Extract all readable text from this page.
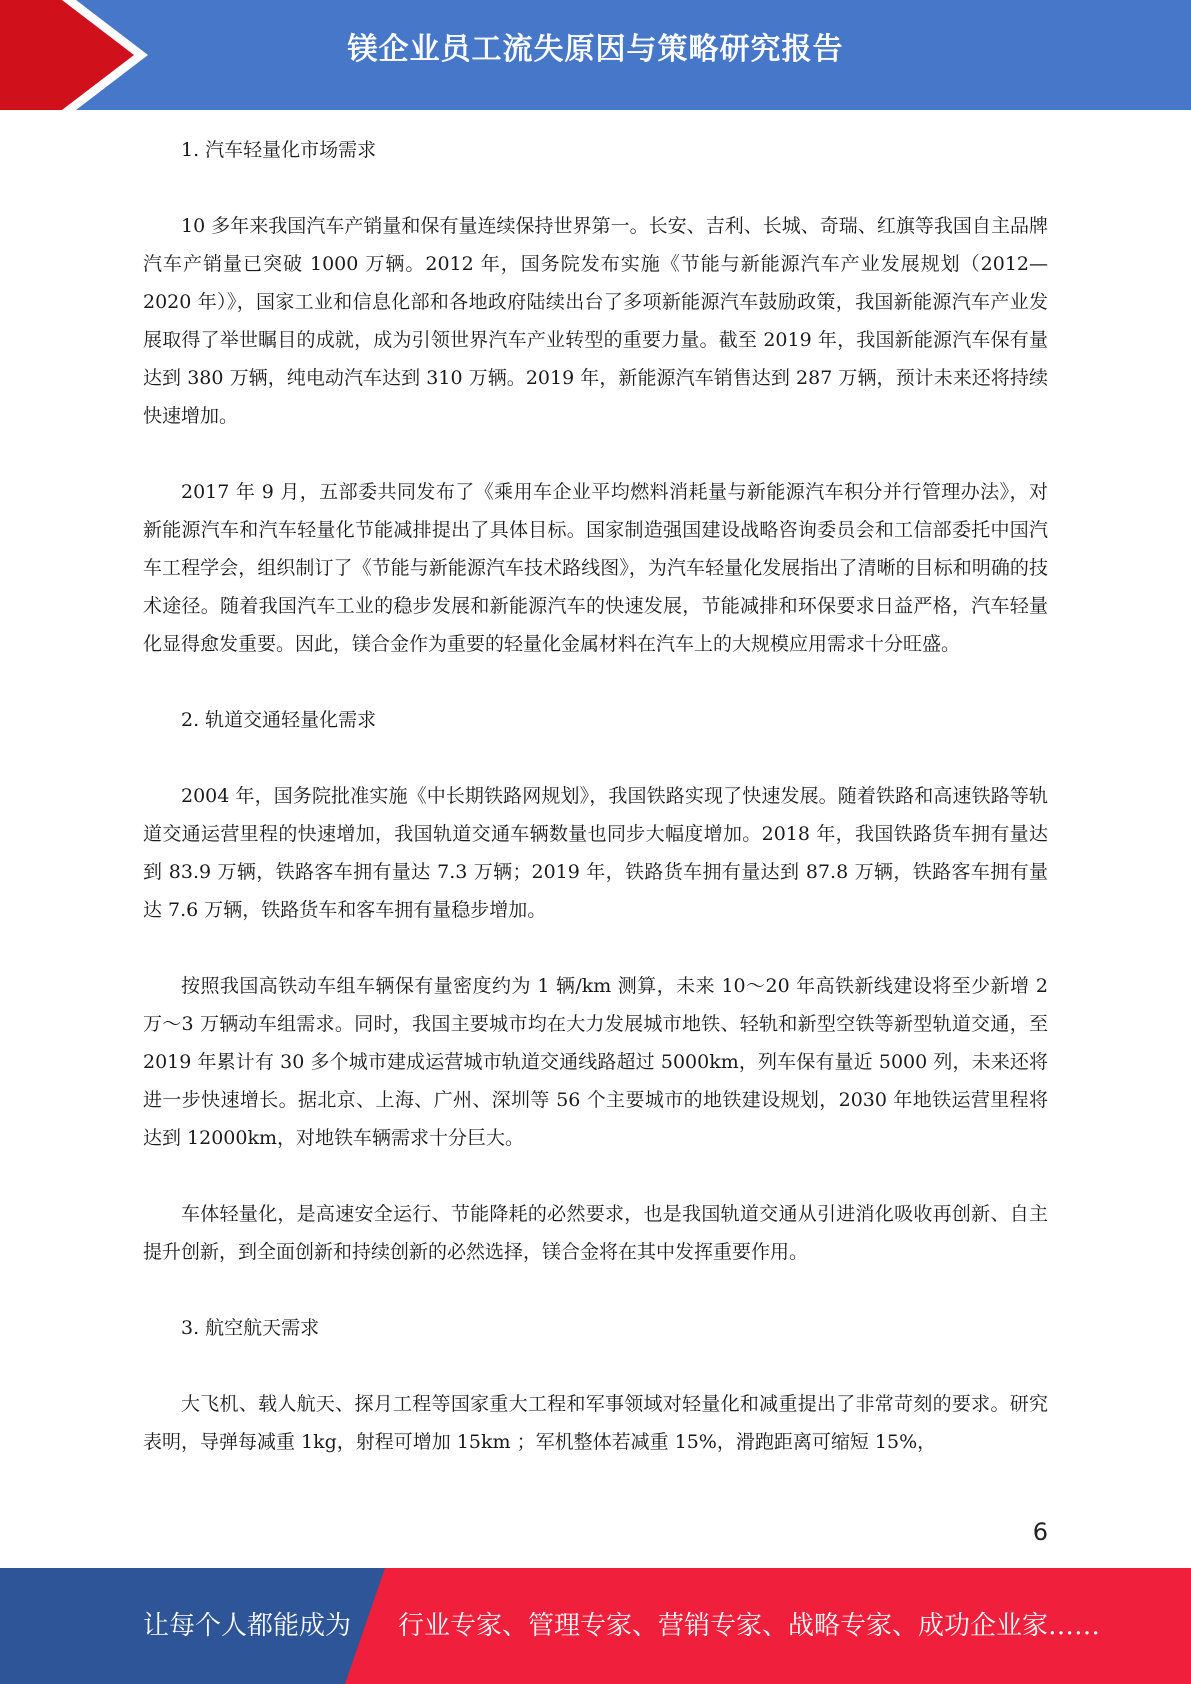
镁企业员工流失原因与策略研究报告

1. 汽车轻量化市场需求

10 多年来我国汽车产销量和保有量连续保持世界第一。长安、吉利、长城、奇瑞、红旗等我国自主品牌汽车产销量已突破 1000 万辆。2012 年，国务院发布实施《节能与新能源汽车产业发展规划（2012—2020 年）》，国家工业和信息化部和各地政府陆续出台了多项新能源汽车鼓励政策，我国新能源汽车产业发展取得了举世瞩目的成就，成为引领世界汽车产业转型的重要力量。截至 2019 年，我国新能源汽车保有量达到 380 万辆，纯电动汽车达到 310 万辆。2019 年，新能源汽车销售达到 287 万辆，预计未来还将持续快速增加。

2017 年 9 月，五部委共同发布了《乘用车企业平均燃料消耗量与新能源汽车积分并行管理办法》，对新能源汽车和汽车轻量化节能减排提出了具体目标。国家制造强国建设战略咨询委员会和工信部委托中国汽车工程学会，组织制订了《节能与新能源汽车技术路线图》，为汽车轻量化发展指出了清晰的目标和明确的技术途径。随着我国汽车工业的稳步发展和新能源汽车的快速发展，节能减排和环保要求日益严格，汽车轻量化显得愈发重要。因此，镁合金作为重要的轻量化金属材料在汽车上的大规模应用需求十分旺盛。

2. 轨道交通轻量化需求

2004 年，国务院批准实施《中长期铁路网规划》，我国铁路实现了快速发展。随着铁路和高速铁路等轨道交通运营里程的快速增加，我国轨道交通车辆数量也同步大幅度增加。2018 年，我国铁路货车拥有量达到 83.9 万辆，铁路客车拥有量达 7.3 万辆；2019 年，铁路货车拥有量达到 87.8 万辆，铁路客车拥有量达 7.6 万辆，铁路货车和客车拥有量稳步增加。

按照我国高铁动车组车辆保有量密度约为 1 辆/km 测算，未来 10～20 年高铁新线建设将至少新增 2 万～3 万辆动车组需求。同时，我国主要城市均在大力发展城市地铁、轻轨和新型空铁等新型轨道交通，至 2019 年累计有 30 多个城市建成运营城市轨道交通线路超过 5000km，列车保有量近 5000 列，未来还将进一步快速增长。据北京、上海、广州、深圳等 56 个主要城市的地铁建设规划，2030 年地铁运营里程将达到 12000km，对地铁车辆需求十分巨大。

车体轻量化，是高速安全运行、节能降耗的必然要求，也是我国轨道交通从引进消化吸收再创新、自主提升创新，到全面创新和持续创新的必然选择，镁合金将在其中发挥重要作用。

3. 航空航天需求

大飞机、载人航天、探月工程等国家重大工程和军事领域对轻量化和减重提出了非常苛刻的要求。研究表明，导弹每减重 1kg，射程可增加 15km ；军机整体若减重 15%，滑跑距离可缩短 15%，

6
让每个人都能成为 行业专家、管理专家、营销专家、战略专家、成功企业家……
